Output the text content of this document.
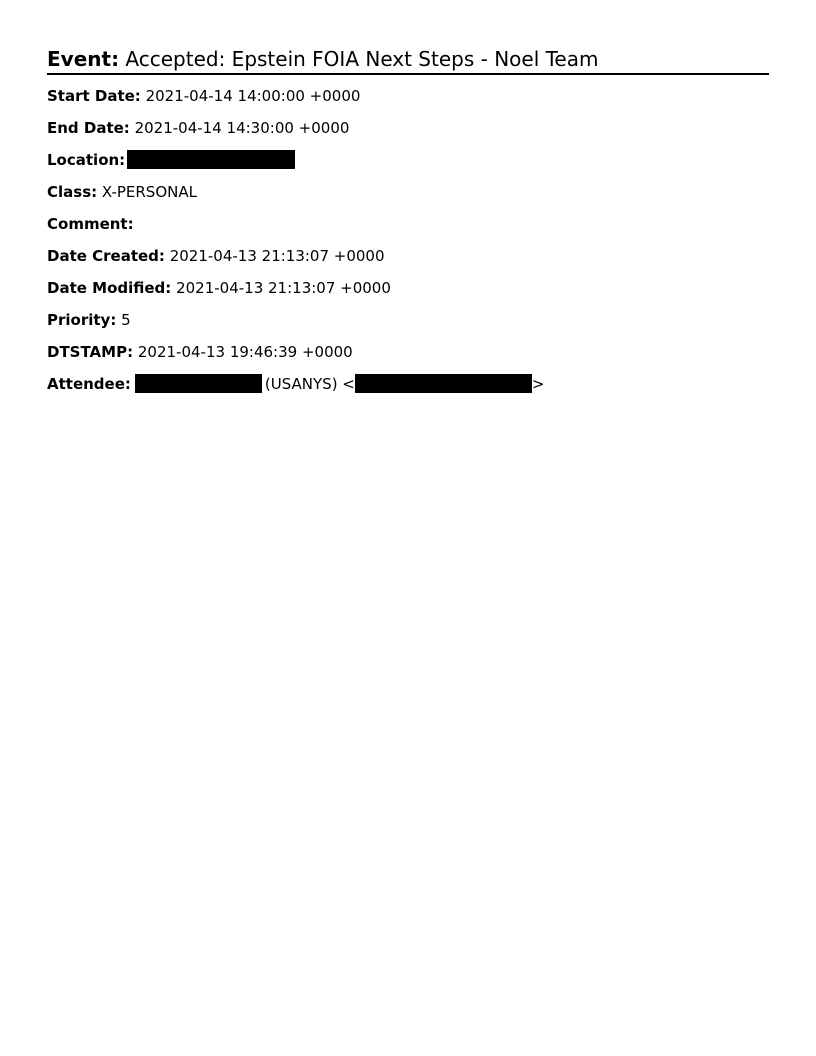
Event: Accepted: Epstein FOIA Next Steps - Noel Team
Start Date: 2021-04-14 14:00:00 +0000
End Date: 2021-04-14 14:30:00 +0000
Location:
Class: X-PERSONAL
Comment:
Date Created: 2021-04-13 21:13:07 +0000
Date Modified: 2021-04-13 21:13:07 +0000
Priority: 5
DTSTAMP: 2021-04-13 19:46:39 +0000
Attendee:	(USANYS) <	>
